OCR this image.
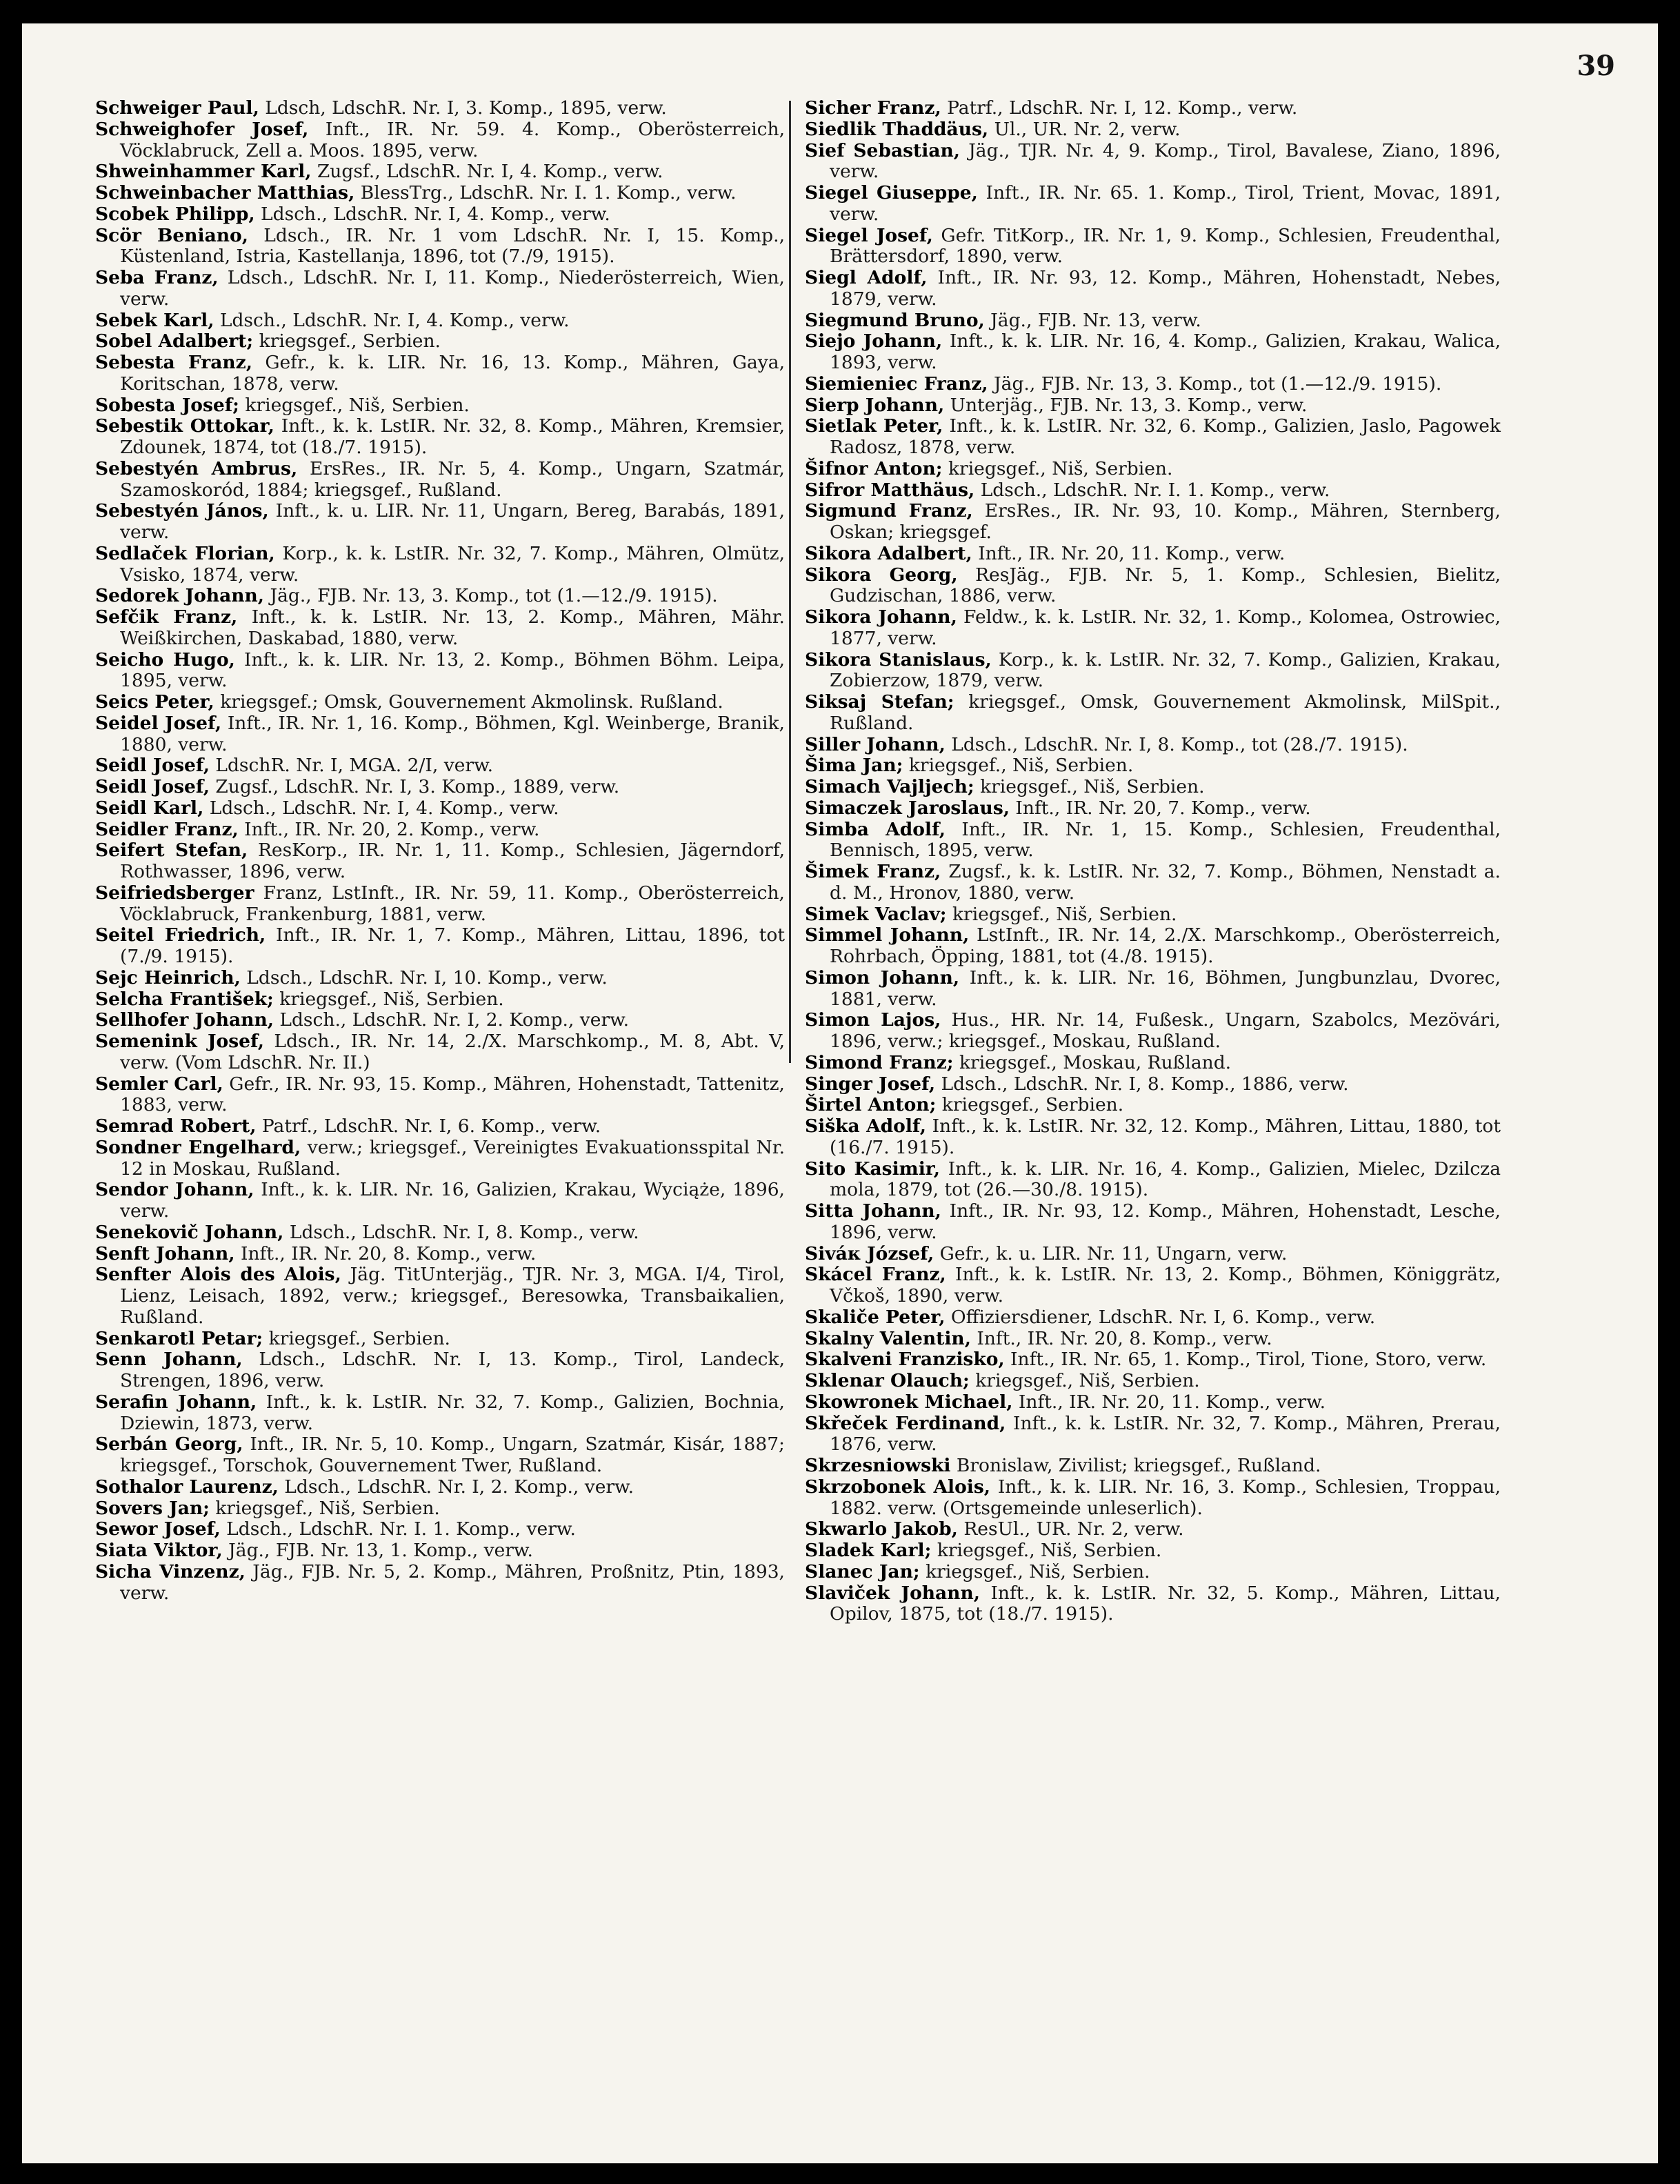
39
Schweiger Paul, Ldsch, LdschR. Nr. I, 3. Komp., 1895, verw.
Schweighofer Josef, Inft., IR. Nr. 59. 4. Komp., Oberösterreich, Vöcklabruck, Zell a. Moos. 1895, verw.
Shweinhammer Karl, Zugsf., LdschR. Nr. I, 4. Komp., verw.
Schweinbacher Matthias, BlessTrg., LdschR. Nr. I. 1. Komp., verw.
Scobek Philipp, Ldsch., LdschR. Nr. I, 4. Komp., verw.
Scör Beniano, Ldsch., IR. Nr. 1 vom LdschR. Nr. I, 15. Komp., Küstenland, Istria, Kastellanja, 1896, tot (7./9, 1915).
Seba Franz, Ldsch., LdschR. Nr. I, 11. Komp., Niederösterreich, Wien, verw.
Sebek Karl, Ldsch., LdschR. Nr. I, 4. Komp., verw.
Sobel Adalbert; kriegsgef., Serbien.
Sebesta Franz, Gefr., k. k. LIR. Nr. 16, 13. Komp., Mähren, Gaya, Koritschan, 1878, verw.
Sobesta Josef; kriegsgef., Niš, Serbien.
Sebestik Ottokar, Inft., k. k. LstIR. Nr. 32, 8. Komp., Mähren, Kremsier, Zdounek, 1874, tot (18./7. 1915).
Sebestyén Ambrus, ErsRes., IR. Nr. 5, 4. Komp., Ungarn, Szatmár, Szamoskoród, 1884; kriegsgef., Rußland.
Sebestyén János, Inft., k. u. LIR. Nr. 11, Ungarn, Bereg, Barabás, 1891, verw.
Sedlaček Florian, Korp., k. k. LstIR. Nr. 32, 7. Komp., Mähren, Olmütz, Vsisko, 1874, verw.
Sedorek Johann, Jäg., FJB. Nr. 13, 3. Komp., tot (1.—12./9. 1915).
Sefčik Franz, Inft., k. k. LstIR. Nr. 13, 2. Komp., Mähren, Mähr. Weißkirchen, Daskabad, 1880, verw.
Seicho Hugo, Inft., k. k. LIR. Nr. 13, 2. Komp., Böhmen Böhm. Leipa, 1895, verw.
Seics Peter, kriegsgef.; Omsk, Gouvernement Akmolinsk. Rußland.
Seidel Josef, Inft., IR. Nr. 1, 16. Komp., Böhmen, Kgl. Weinberge, Branik, 1880, verw.
Seidl Josef, LdschR. Nr. I, MGA. 2/I, verw.
Seidl Josef, Zugsf., LdschR. Nr. I, 3. Komp., 1889, verw.
Seidl Karl, Ldsch., LdschR. Nr. I, 4. Komp., verw.
Seidler Franz, Inft., IR. Nr. 20, 2. Komp., verw.
Seifert Stefan, ResKorp., IR. Nr. 1, 11. Komp., Schlesien, Jägerndorf, Rothwasser, 1896, verw.
Seifriedsberger Franz, LstInft., IR. Nr. 59, 11. Komp., Oberösterreich, Vöcklabruck, Frankenburg, 1881, verw.
Seitel Friedrich, Inft., IR. Nr. 1, 7. Komp., Mähren, Littau, 1896, tot (7./9. 1915).
Sejc Heinrich, Ldsch., LdschR. Nr. I, 10. Komp., verw.
Selcha František; kriegsgef., Niš, Serbien.
Sellhofer Johann, Ldsch., LdschR. Nr. I, 2. Komp., verw.
Semenink Josef, Ldsch., IR. Nr. 14, 2./X. Marschkomp., M. 8, Abt. V, verw. (Vom LdschR. Nr. II.)
Semler Carl, Gefr., IR. Nr. 93, 15. Komp., Mähren, Hohenstadt, Tattenitz, 1883, verw.
Semrad Robert, Patrf., LdschR. Nr. I, 6. Komp., verw.
Sondner Engelhard, verw.; kriegsgef., Vereinigtes Evakuationsspital Nr. 12 in Moskau, Rußland.
Sendor Johann, Inft., k. k. LIR. Nr. 16, Galizien, Krakau, Wyciąże, 1896, verw.
Senekovič Johann, Ldsch., LdschR. Nr. I, 8. Komp., verw.
Senft Johann, Inft., IR. Nr. 20, 8. Komp., verw.
Senfter Alois des Alois, Jäg. TitUnterjäg., TJR. Nr. 3, MGA. I/4, Tirol, Lienz, Leisach, 1892, verw.; kriegsgef., Beresowka, Transbaikalien, Rußland.
Senkarotl Petar; kriegsgef., Serbien.
Senn Johann, Ldsch., LdschR. Nr. I, 13. Komp., Tirol, Landeck, Strengen, 1896, verw.
Serafin Johann, Inft., k. k. LstIR. Nr. 32, 7. Komp., Galizien, Bochnia, Dziewin, 1873, verw.
Serbán Georg, Inft., IR. Nr. 5, 10. Komp., Ungarn, Szatmár, Kisár, 1887; kriegsgef., Torschok, Gouvernement Twer, Rußland.
Sothalor Laurenz, Ldsch., LdschR. Nr. I, 2. Komp., verw.
Sovers Jan; kriegsgef., Niš, Serbien.
Sewor Josef, Ldsch., LdschR. Nr. I. 1. Komp., verw.
Siata Viktor, Jäg., FJB. Nr. 13, 1. Komp., verw.
Sicha Vinzenz, Jäg., FJB. Nr. 5, 2. Komp., Mähren, Proßnitz, Ptin, 1893, verw.
Sicher Franz, Patrf., LdschR. Nr. I, 12. Komp., verw.
Siedlik Thaddäus, Ul., UR. Nr. 2, verw.
Sief Sebastian, Jäg., TJR. Nr. 4, 9. Komp., Tirol, Bavalese, Ziano, 1896, verw.
Siegel Giuseppe, Inft., IR. Nr. 65. 1. Komp., Tirol, Trient, Movac, 1891, verw.
Siegel Josef, Gefr. TitKorp., IR. Nr. 1, 9. Komp., Schlesien, Freudenthal, Brättersdorf, 1890, verw.
Siegl Adolf, Inft., IR. Nr. 93, 12. Komp., Mähren, Hohenstadt, Nebes, 1879, verw.
Siegmund Bruno, Jäg., FJB. Nr. 13, verw.
Siejo Johann, Inft., k. k. LIR. Nr. 16, 4. Komp., Galizien, Krakau, Walica, 1893, verw.
Siemieniec Franz, Jäg., FJB. Nr. 13, 3. Komp., tot (1.—12./9. 1915).
Sierp Johann, Unterjäg., FJB. Nr. 13, 3. Komp., verw.
Sietlak Peter, Inft., k. k. LstIR. Nr. 32, 6. Komp., Galizien, Jaslo, Pagowek Radosz, 1878, verw.
Šifnor Anton; kriegsgef., Niš, Serbien.
Sifror Matthäus, Ldsch., LdschR. Nr. I. 1. Komp., verw.
Sigmund Franz, ErsRes., IR. Nr. 93, 10. Komp., Mähren, Sternberg, Oskan; kriegsgef.
Sikora Adalbert, Inft., IR. Nr. 20, 11. Komp., verw.
Sikora Georg, ResJäg., FJB. Nr. 5, 1. Komp., Schlesien, Bielitz, Gudzischan, 1886, verw.
Sikora Johann, Feldw., k. k. LstIR. Nr. 32, 1. Komp., Kolomea, Ostrowiec, 1877, verw.
Sikora Stanislaus, Korp., k. k. LstIR. Nr. 32, 7. Komp., Galizien, Krakau, Zobierzow, 1879, verw.
Siksaj Stefan; kriegsgef., Omsk, Gouvernement Akmolinsk, MilSpit., Rußland.
Siller Johann, Ldsch., LdschR. Nr. I, 8. Komp., tot (28./7. 1915).
Šima Jan; kriegsgef., Niš, Serbien.
Simach Vajljech; kriegsgef., Niš, Serbien.
Simaczek Jaroslaus, Inft., IR. Nr. 20, 7. Komp., verw.
Simba Adolf, Inft., IR. Nr. 1, 15. Komp., Schlesien, Freudenthal, Bennisch, 1895, verw.
Šimek Franz, Zugsf., k. k. LstIR. Nr. 32, 7. Komp., Böhmen, Nenstadt a. d. M., Hronov, 1880, verw.
Simek Vaclav; kriegsgef., Niš, Serbien.
Simmel Johann, LstInft., IR. Nr. 14, 2./X. Marschkomp., Oberösterreich, Rohrbach, Öpping, 1881, tot (4./8. 1915).
Simon Johann, Inft., k. k. LIR. Nr. 16, Böhmen, Jungbunzlau, Dvorec, 1881, verw.
Simon Lajos, Hus., HR. Nr. 14, Fußesk., Ungarn, Szabolcs, Mezövári, 1896, verw.; kriegsgef., Moskau, Rußland.
Simond Franz; kriegsgef., Moskau, Rußland.
Singer Josef, Ldsch., LdschR. Nr. I, 8. Komp., 1886, verw.
Širtel Anton; kriegsgef., Serbien.
Siška Adolf, Inft., k. k. LstIR. Nr. 32, 12. Komp., Mähren, Littau, 1880, tot (16./7. 1915).
Sito Kasimir, Inft., k. k. LIR. Nr. 16, 4. Komp., Galizien, Mielec, Dzilcza mola, 1879, tot (26.—30./8. 1915).
Sitta Johann, Inft., IR. Nr. 93, 12. Komp., Mähren, Hohenstadt, Lesche, 1896, verw.
Siváк József, Gefr., k. u. LIR. Nr. 11, Ungarn, verw.
Skácel Franz, Inft., k. k. LstIR. Nr. 13, 2. Komp., Böhmen, Königgrätz, Včkoš, 1890, verw.
Skaliče Peter, Offiziersdiener, LdschR. Nr. I, 6. Komp., verw.
Skalny Valentin, Inft., IR. Nr. 20, 8. Komp., verw.
Skalveni Franzisko, Inft., IR. Nr. 65, 1. Komp., Tirol, Tione, Storo, verw.
Sklenar Olauch; kriegsgef., Niš, Serbien.
Skowronek Michael, Inft., IR. Nr. 20, 11. Komp., verw.
Skřeček Ferdinand, Inft., k. k. LstIR. Nr. 32, 7. Komp., Mähren, Prerau, 1876, verw.
Skrzesniowski Bronislaw, Zivilist; kriegsgef., Rußland.
Skrzobonek Alois, Inft., k. k. LIR. Nr. 16, 3. Komp., Schlesien, Troppau, 1882. verw. (Ortsgemeinde unleserlich).
Skwarlo Jakob, ResUl., UR. Nr. 2, verw.
Sladek Karl; kriegsgef., Niš, Serbien.
Slanec Jan; kriegsgef., Niš, Serbien.
Slaviček Johann, Inft., k. k. LstIR. Nr. 32, 5. Komp., Mähren, Littau, Opilov, 1875, tot (18./7. 1915).
